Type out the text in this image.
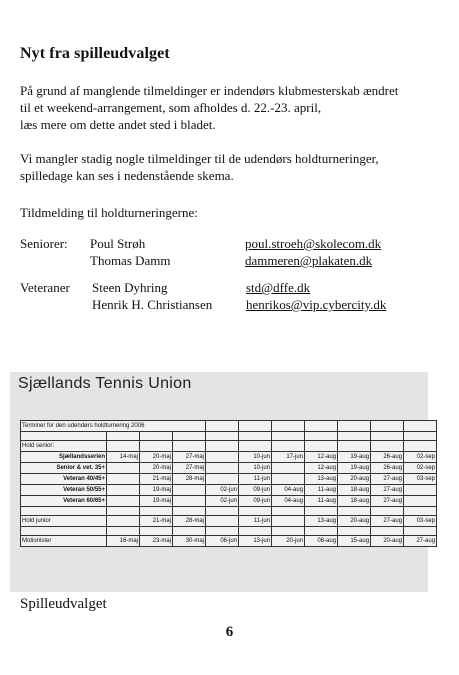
Nyt fra spilleudvalget
På grund af manglende tilmeldinger er indendørs klubmesterskab ændret
til et weekend-arrangement, som afholdes d. 22.-23. april,
læs mere om dette andet sted i bladet.
Vi mangler stadig nogle tilmeldinger til de udendørs holdturneringer,
spilledage kan ses i nedenstående skema.
Tildmelding til holdturneringerne:
Seniorer: Poul Strøh	poul.stroeh@skolecom.dk
Thomas Damm	dammeren@plakaten.dk
Veteraner Steen Dyhring	std@dffe.dk
Henrik H. Christiansen	henrikos@vip.cybercity.dk
Sjællands Tennis Union
Terminer for den udendørs holdturnering 2006										

Hold senior:										
Sjællandsserien	14-maj	20-maj	27-maj		10-jun	17-jun	12-aug	19-aug	26-aug	02-sep
Senior & vet. 35+		20-maj	27-maj		10-jun		12-aug	19-aug	26-aug	02-sep
Veteran 40/45+		21-maj	28-maj		11-jun		13-aug	20-aug	27-aug	03-sep
Veteran 50/55+		19-maj		02-jun	09-jun	04-aug	11-aug	18-aug	27-aug	
Veteran 60/65+		19-maj		02-jun	09-jun	04-aug	11-aug	18-aug	27-aug	

Hold junior		21-maj	28-maj		11-jun		13-aug	20-aug	27-aug	03-sep

Motionister	16-maj	23-maj	30-maj	06-jun	13-jun	20-jun	08-aug	15-aug	20-aug	27-aug
Spilleudvalget
6
